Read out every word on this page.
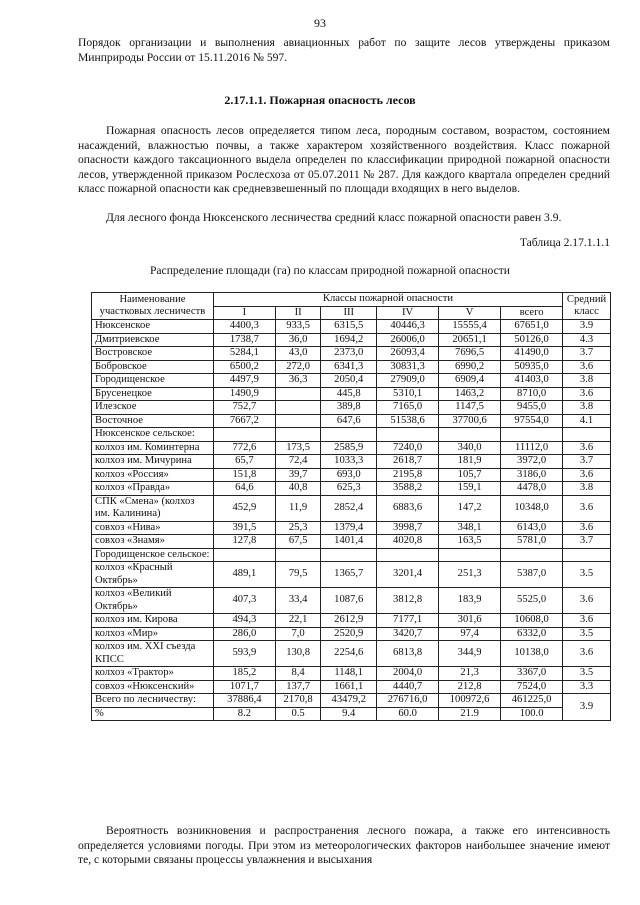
93
Порядок организации и выполнения авиационных работ по защите лесов утверждены приказом Минприроды России от 15.11.2016 № 597.
2.17.1.1. Пожарная опасность лесов
Пожарная опасность лесов определяется типом леса, породным составом, возрастом, состоянием насаждений, влажностью почвы, а также характером хозяйственного воздействия. Класс пожарной опасности каждого таксационного выдела определен по классификации природной пожарной опасности лесов, утвержденной приказом Рослесхоза от 05.07.2011 № 287. Для каждого квартала определен средний класс пожарной опасности как средневзвешенный по площади входящих в него выделов.
Для лесного фонда Нюксенского лесничества средний класс пожарной опасности равен 3.9.
Таблица 2.17.1.1.1
Распределение площади (га) по классам природной пожарной опасности
Наименование участковых лесничеств	Классы пожарной опасности						Средний класс
	I	II	III	IV	V	всего	
Нюксенское	4400,3	933,5	6315,5	40446,3	15555,4	67651,0	3.9
Дмитриевское	1738,7	36,0	1694,2	26006,0	20651,1	50126,0	4.3
Востровское	5284,1	43,0	2373,0	26093,4	7696,5	41490,0	3.7
Бобровское	6500,2	272,0	6341,3	30831,3	6990,2	50935,0	3.6
Городищенское	4497,9	36,3	2050,4	27909,0	6909,4	41403,0	3.8
Брусенецкое	1490,9		445,8	5310,1	1463,2	8710,0	3.6
Илезское	752,7		389,8	7165,0	1147,5	9455,0	3.8
Восточное	7667,2		647,6	51538,6	37700,6	97554,0	4.1
Нюксенское сельское:							
колхоз им. Коминтерна	772,6	173,5	2585,9	7240,0	340,0	11112,0	3.6
колхоз им. Мичурина	65,7	72,4	1033,3	2618,7	181,9	3972,0	3.7
колхоз «Россия»	151,8	39,7	693,0	2195,8	105,7	3186,0	3.6
колхоз «Правда»	64,6	40,8	625,3	3588,2	159,1	4478,0	3.8
СПК «Смена» (колхоз им. Калинина)	452,9	11,9	2852,4	6883,6	147,2	10348,0	3.6
совхоз «Нива»	391,5	25,3	1379,4	3998,7	348,1	6143,0	3.6
совхоз «Знамя»	127,8	67,5	1401,4	4020,8	163,5	5781,0	3.7
Городищенское сельское:							
колхоз «Красный Октябрь»	489,1	79,5	1365,7	3201,4	251,3	5387,0	3.5
колхоз «Великий Октябрь»	407,3	33,4	1087,6	3812,8	183,9	5525,0	3.6
колхоз им. Кирова	494,3	22,1	2612,9	7177,1	301,6	10608,0	3.6
колхоз «Мир»	286,0	7,0	2520,9	3420,7	97,4	6332,0	3.5
колхоз им. XXI съезда КПСС	593,9	130,8	2254,6	6813,8	344,9	10138,0	3.6
колхоз «Трактор»	185,2	8,4	1148,1	2004,0	21,3	3367,0	3.5
совхоз «Нюксенский»	1071,7	137,7	1661,1	4440,7	212,8	7524,0	3.3
Всего по лесничеству:	37886,4	2170,8	43479,2	276716,0	100972,6	461225,0	3.9
%	8.2	0.5	9.4	60.0	21.9	100.0	
Вероятность возникновения и распространения лесного пожара, а также его интенсивность определяется условиями погоды. При этом из метеорологических факторов наибольшее значение имеют те, с которыми связаны процессы увлажнения и высыхания
